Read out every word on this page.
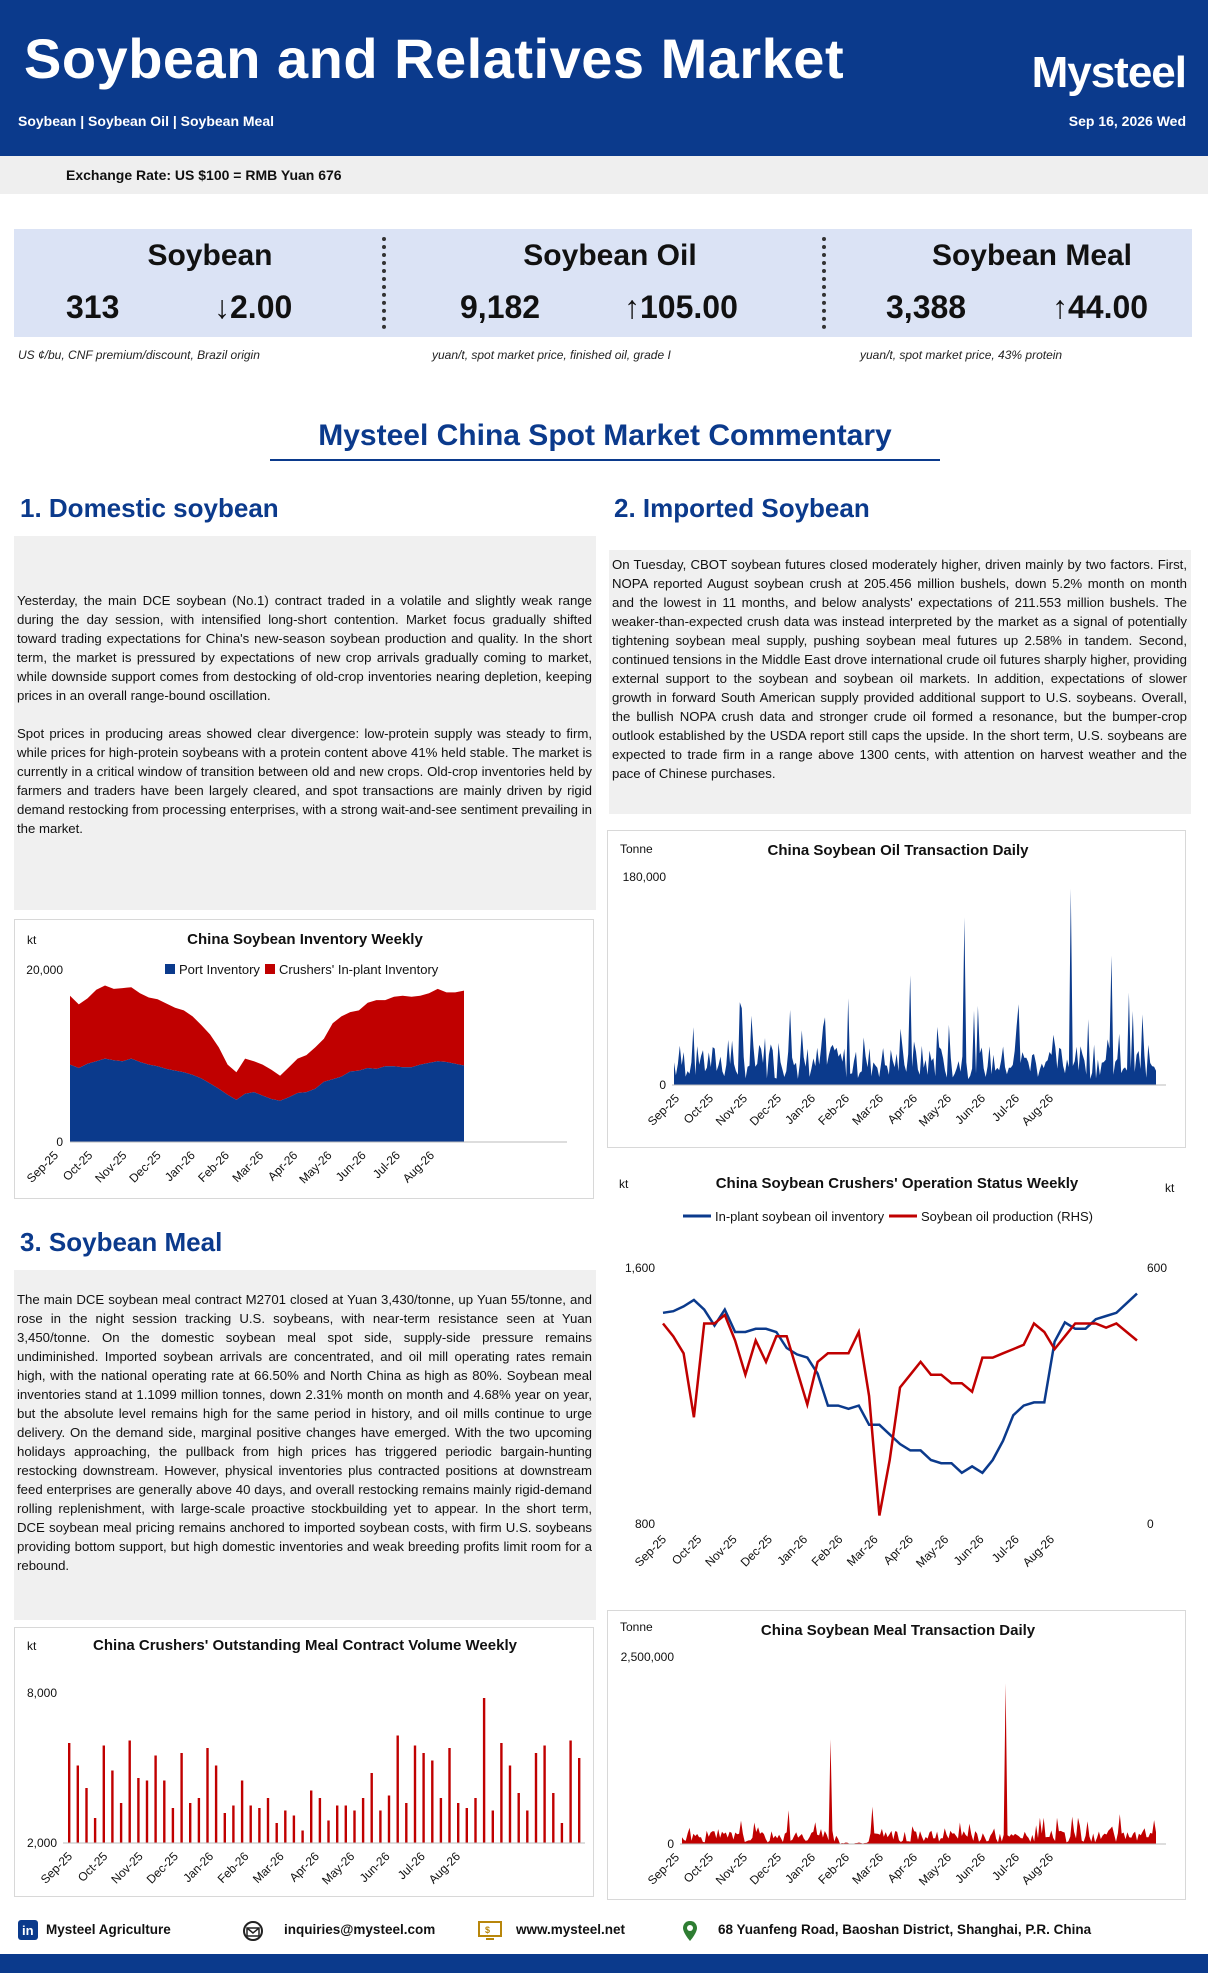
Soybean and Relatives Market
Soybean | Soybean Oil | Soybean Meal
Mysteel
Sep 16, 2026 Wed
Exchange Rate: US $100 = RMB Yuan 676
Soybean
313	↓2.00
Soybean Oil
9,182	↑105.00
Soybean Meal
3,388	↑44.00
US ¢/bu, CNF premium/discount, Brazil origin	yuan/t, spot market price, finished oil, grade I	yuan/t, spot market price, 43% protein
Mysteel China Spot Market Commentary
1. Domestic soybean

Yesterday, the main DCE soybean (No.1) contract traded in a volatile and slightly weak range during the day session, with intensified long-short contention. Market focus gradually shifted toward trading expectations for China's new-season soybean production and quality. In the short term, the market is pressured by expectations of new crop arrivals gradually coming to market, while downside support comes from destocking of old-crop inventories nearing depletion, keeping prices in an overall range-bound oscillation.

Spot prices in producing areas showed clear divergence: low-protein supply was steady to firm, while prices for high-protein soybeans with a protein content above 41% held stable. The market is currently in a critical window of transition between old and new crops. Old-crop inventories held by farmers and traders have been largely cleared, and spot transactions are mainly driven by rigid demand restocking from processing enterprises, with a strong wait-and-see sentiment prevailing in the market.

2. Imported Soybean

On Tuesday, CBOT soybean futures closed moderately higher, driven mainly by two factors. First, NOPA reported August soybean crush at 205.456 million bushels, down 5.2% month on month and the lowest in 11 months, and below analysts' expectations of 211.553 million bushels. The weaker-than-expected crush data was instead interpreted by the market as a signal of potentially tightening soybean meal supply, pushing soybean meal futures up 2.58% in tandem. Second, continued tensions in the Middle East drove international crude oil futures sharply higher, providing external support to the soybean and soybean oil markets. In addition, expectations of slower growth in forward South American supply provided additional support to U.S. soybeans. Overall, the bullish NOPA crush data and stronger crude oil formed a resonance, but the bumper-crop outlook established by the USDA report still caps the upside. In the short term, U.S. soybeans are expected to trade firm in a range above 1300 cents, with attention on harvest weather and the pace of Chinese purchases.

3. Soybean Meal

The main DCE soybean meal contract M2701 closed at Yuan 3,430/tonne, up Yuan 55/tonne, and rose in the night session tracking U.S. soybeans, with near-term resistance seen at Yuan 3,450/tonne. On the domestic soybean meal spot side, supply-side pressure remains undiminished. Imported soybean arrivals are concentrated, and oil mill operating rates remain high, with the national operating rate at 66.50% and North China as high as 80%. Soybean meal inventories stand at 1.1099 million tonnes, down 2.31% month on month and 4.68% year on year, but the absolute level remains high for the same period in history, and oil mills continue to urge delivery. On the demand side, marginal positive changes have emerged. With the two upcoming holidays approaching, the pullback from high prices has triggered periodic bargain-hunting restocking downstream. However, physical inventories plus contracted positions at downstream feed enterprises are generally above 40 days, and overall restocking remains mainly rigid-demand rolling replenishment, with large-scale proactive stockbuilding yet to appear. In the short term, DCE soybean meal pricing remains anchored to imported soybean costs, with firm U.S. soybeans providing bottom support, but high domestic inventories and weak breeding profits limit room for a rebound.

China Soybean Inventory Weekly
kt
20,000
0
Port Inventory Crushers' In-plant Inventory
Sep-25
Oct-25
Nov-25
Dec-25
Jan-26
Feb-26
Mar-26
Apr-26
May-26
Jun-26 Jul-26
Aug-26
China Soybean Oil Transaction Daily
Tonne
180,000
0
Sep-25
Oct-25
Nov-25
Dec-25
Jan-26
Feb-26
Mar-26
Apr-26
May-26
Jun-26 Jul-26
Aug-26
China Soybean Crushers' Operation Status Weekly
kt	kt
In-plant soybean oil inventory	Soybean oil production (RHS)
1,600
800
600
0
Sep-25 Oct-25
Nov-25
Dec-25 Jan-26
Feb-26
Mar-26 Apr-26
May-26 Jun-26 Jul-26
Aug-26
China Crushers' Outstanding Meal Contract Volume Weekly
kt
8,000
2,000
Sep-25 Oct-25
Nov-25
Dec-25 Jan-26
Feb-26
Mar-26 Apr-26
May-26 Jun-26 Jul-26
Aug-26
China Soybean Meal Transaction Daily
Tonne
2,500,000
0
Sep-25
Oct-25
Nov-25
Dec-25
Jan-26
Feb-26
Mar-26
Apr-26
May-26
Jun-26 Jul-26
Aug-26
in Mysteel Agriculture	inquiries@mysteel.com	$ www.mysteel.net	68 Yuanfeng Road, Baoshan District, Shanghai, P.R. China
